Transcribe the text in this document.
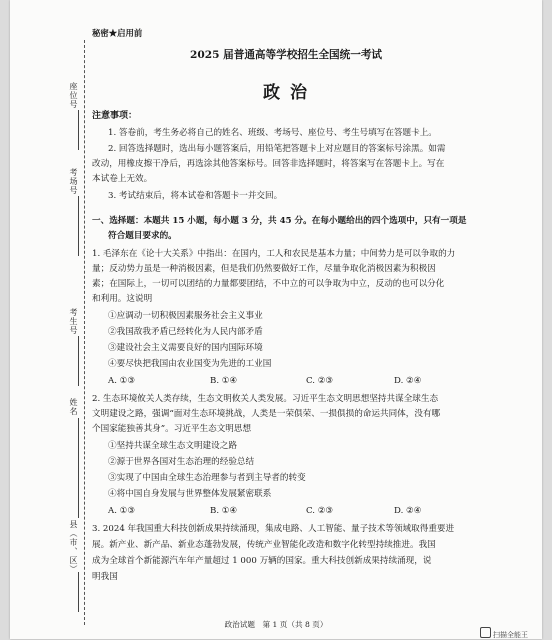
座位号
考场号
考生号
姓名
县（市、区）
秘密★启用前
2025 届普通高等学校招生全国统一考试
政 治
注意事项：
1. 答卷前，考生务必将自己的姓名、班级、考场号、座位号、考生号填写在答题卡上。
2. 回答选择题时，选出每小题答案后，用铅笔把答题卡上对应题目的答案标号涂黑。如需
改动，用橡皮擦干净后，再选涂其他答案标号。回答非选择题时，将答案写在答题卡上。写在
本试卷上无效。
3. 考试结束后，将本试卷和答题卡一并交回。
一、选择题：本题共 15 小题，每小题 3 分，共 45 分。在每小题给出的四个选项中，只有一项是
符合题目要求的。
1. 毛泽东在《论十大关系》中指出：在国内，工人和农民是基本力量；中间势力是可以争取的力
量；反动势力虽是一种消极因素，但是我们仍然要做好工作，尽量争取化消极因素为积极因
素；在国际上，一切可以团结的力量都要团结，不中立的可以争取为中立，反动的也可以分化
和利用。这说明
①应调动一切积极因素服务社会主义事业
②我国敌我矛盾已经转化为人民内部矛盾
③建设社会主义需要良好的国内国际环境
④要尽快把我国由农业国变为先进的工业国
A. ①③	B. ①④	C. ②③	D. ②④
2. 生态环境攸关人类存续，生态文明攸关人类发展。习近平生态文明思想坚持共谋全球生态
文明建设之路，强调“面对生态环境挑战，人类是一荣俱荣、一损俱损的命运共同体，没有哪
个国家能独善其身”。习近平生态文明思想
①坚持共谋全球生态文明建设之路
②源于世界各国对生态治理的经验总结
③实现了中国由全球生态治理参与者到主导者的转变
④将中国自身发展与世界整体发展紧密联系
A. ①③	B. ①④	C. ②③	D. ②④
3. 2024 年我国重大科技创新成果持续涌现，集成电路、人工智能、量子技术等领域取得重要进
展。新产业、新产品、新业态蓬勃发展，传统产业智能化改造和数字化转型持续推进。我国
成为全球首个新能源汽车年产量超过 1 000 万辆的国家。重大科技创新成果持续涌现，说
明我国
政治试题　第 1 页（共 8 页）
扫描全能王
